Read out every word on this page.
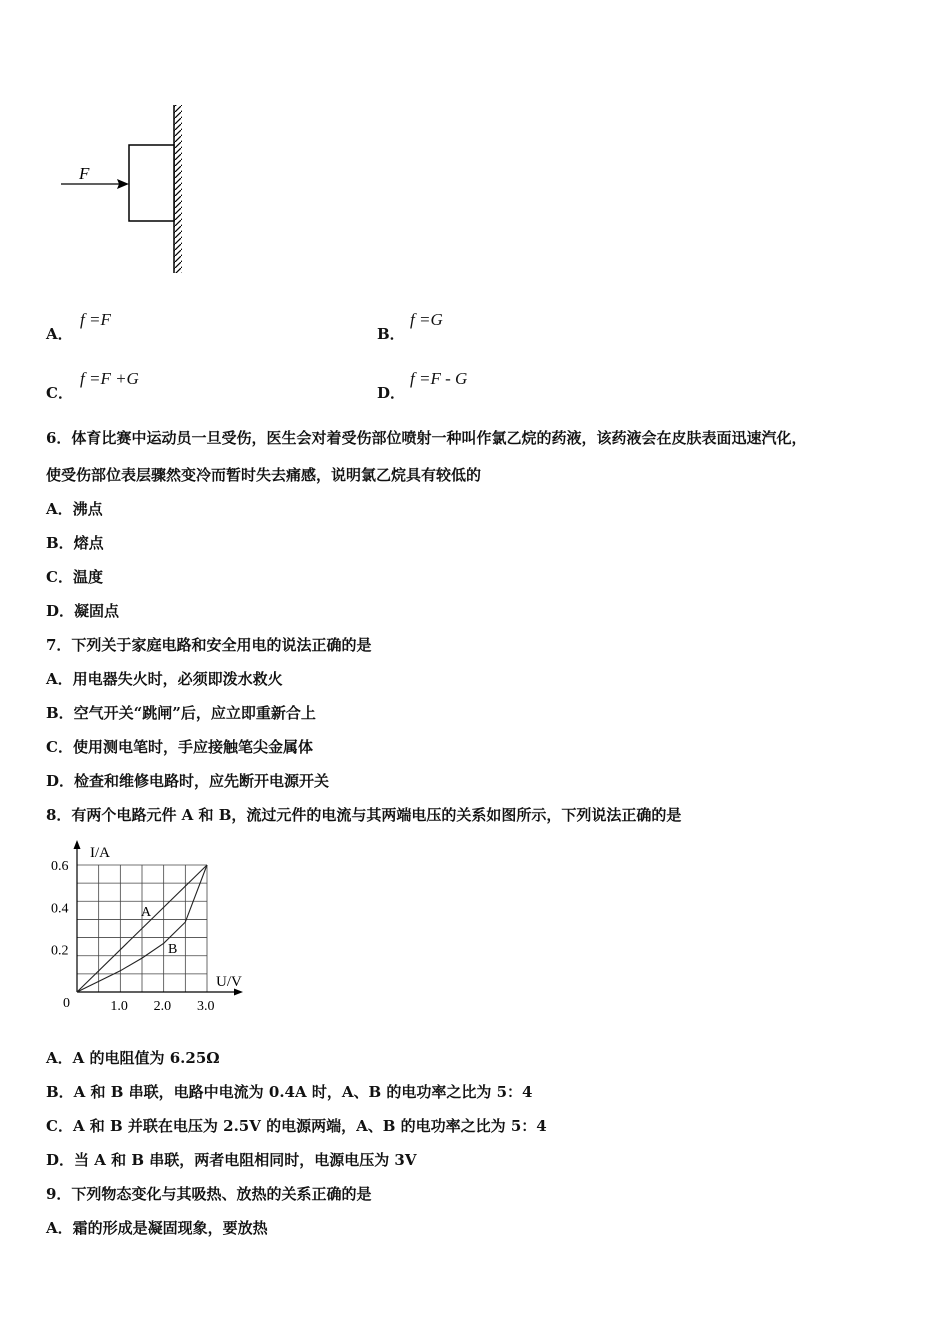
F
A．
f =F
B．
f =G
C．
f =F +G
D．
f =F - G
6．体育比赛中运动员一旦受伤，医生会对着受伤部位喷射一种叫作氯乙烷的药液，该药液会在皮肤表面迅速汽化，
使受伤部位表层骤然变冷而暂时失去痛感，说明氯乙烷具有较低的
A．沸点
B．熔点
C．温度
D．凝固点
7．下列关于家庭电路和安全用电的说法正确的是
A．用电器失火时，必须即泼水救火
B．空气开关“跳闸”后，应立即重新合上
C．使用测电笔时，手应接触笔尖金属体
D．检查和维修电路时，应先断开电源开关
8．有两个电路元件 A 和 B，流过元件的电流与其两端电压的关系如图所示，下列说法正确的是
A
B
I/A
U/V
0	1.0 2.0 3.0
0.2
0.4
0.6
A．A 的电阻值为 6.25Ω
B．A 和 B 串联，电路中电流为 0.4A 时，A、B 的电功率之比为 5：4
C．A 和 B 并联在电压为 2.5V 的电源两端，A、B 的电功率之比为 5：4
D．当 A 和 B 串联，两者电阻相同时，电源电压为 3V
9．下列物态变化与其吸热、放热的关系正确的是
A．霜的形成是凝固现象，要放热
